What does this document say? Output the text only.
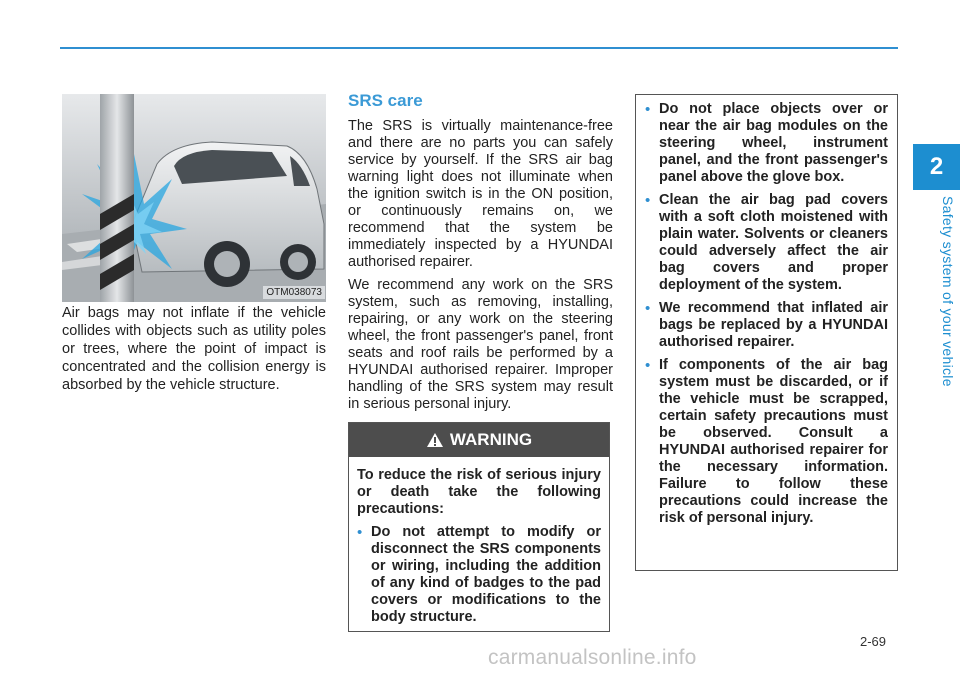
2
Safety system of your vehicle
OTM038073

Air bags may not inflate if the vehicle collides with objects such as utility poles or trees, where the point of impact is concentrated and the collision energy is absorbed by the vehicle structure.

SRS care

The SRS is virtually maintenance-free and there are no parts you can safely service by yourself. If the SRS air bag warning light does not illuminate when the ignition switch is in the ON position, or continuously remains on, we recommend that the system be immediately inspected by a HYUNDAI authorised repairer.

We recommend any work on the SRS system, such as removing, installing, repairing, or any work on the steering wheel, the front passenger's panel, front seats and roof rails be performed by a HYUNDAI authorised repairer. Improper handling of the SRS system may result in serious personal injury.

WARNING

To reduce the risk of serious injury or death take the following precautions:

• Do not attempt to modify or disconnect the SRS components or wiring, including the addition of any kind of badges to the pad covers or modifications to the body structure.

• Do not place objects over or near the air bag modules on the steering wheel, instrument panel, and the front passenger's panel above the glove box.

• Clean the air bag pad covers with a soft cloth moistened with plain water. Solvents or cleaners could adversely affect the air bag covers and proper deployment of the system.

• We recommend that inflated air bags be replaced by a HYUNDAI authorised repairer.

• If components of the air bag system must be discarded, or if the vehicle must be scrapped, certain safety precautions must be observed. Consult a HYUNDAI authorised repairer for the necessary information. Failure to follow these precautions could increase the risk of personal injury.

2-69
carmanualsonline.info
